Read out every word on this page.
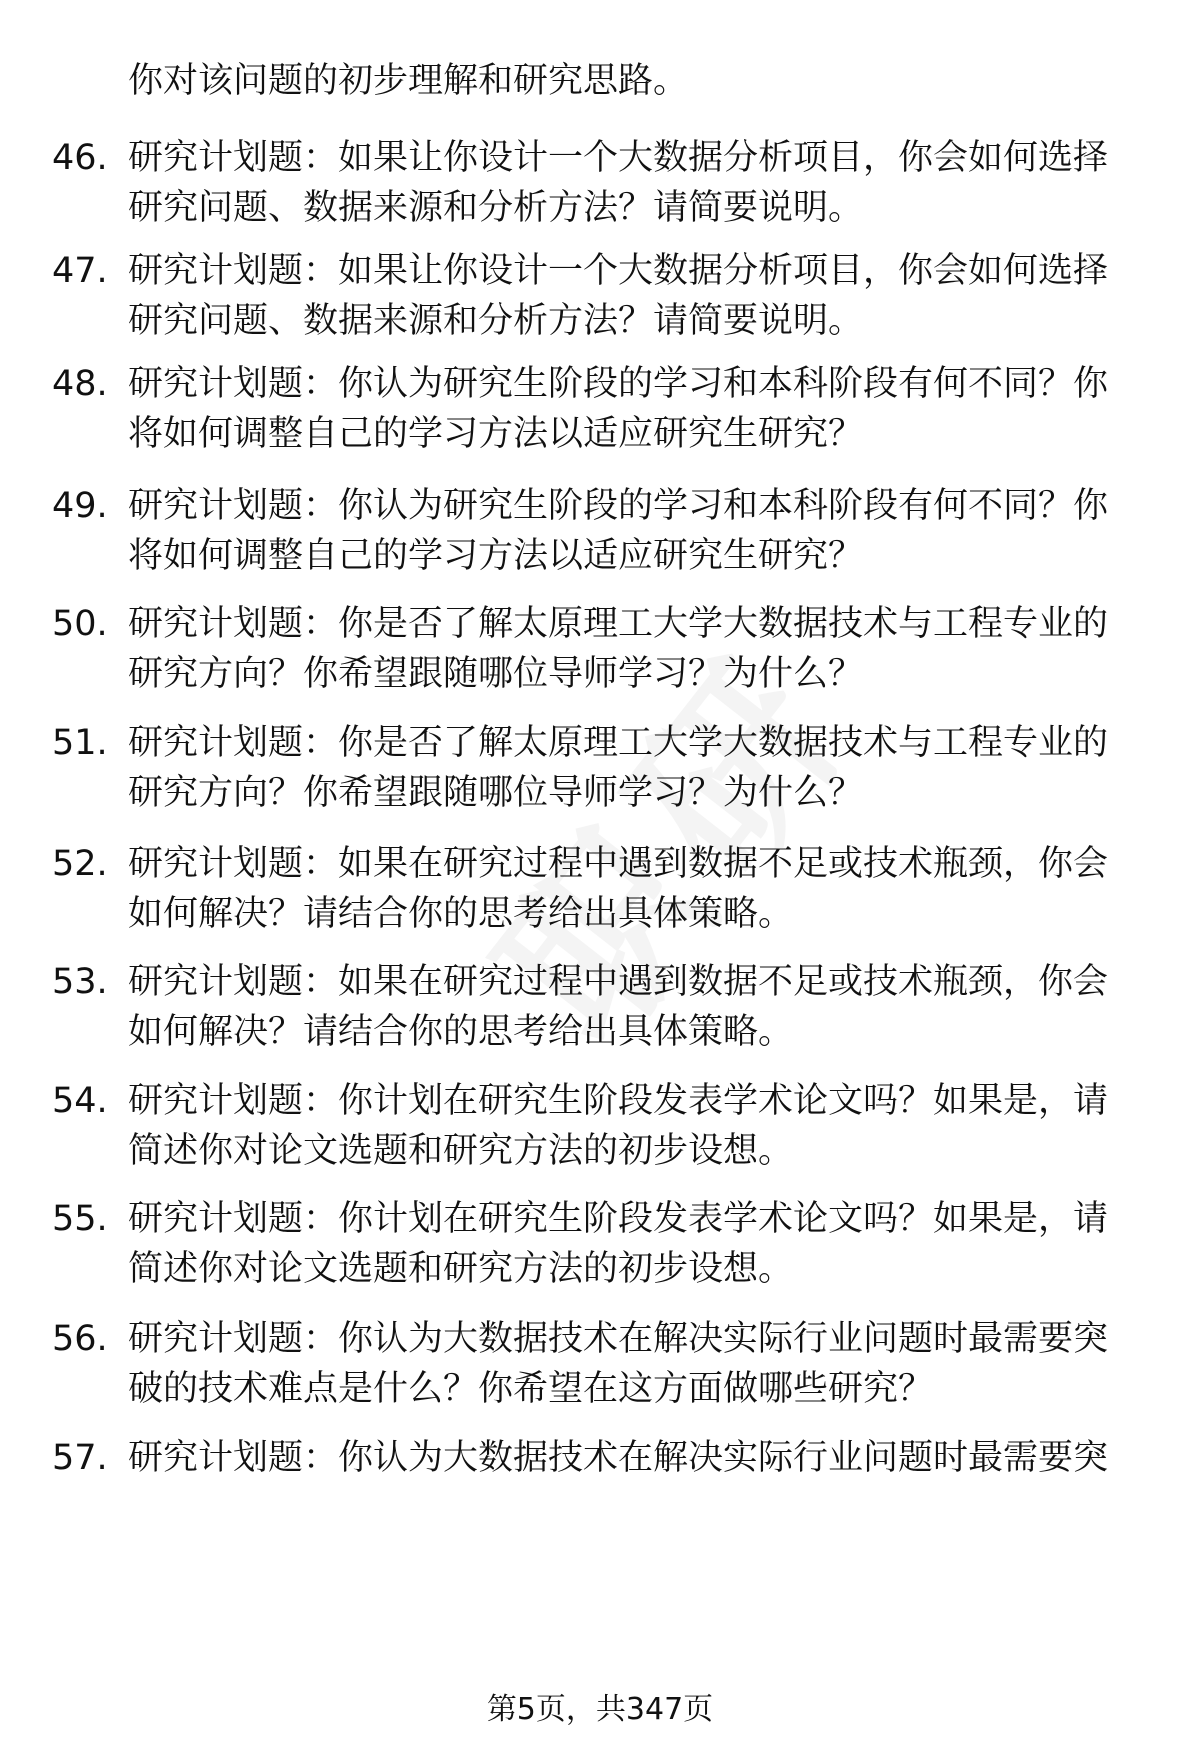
你对该问题的初步理解和研究思路。
46. 研究计划题：如果让你设计一个大数据分析项目，你会如何选择
研究问题、数据来源和分析方法？请简要说明。
47. 研究计划题：如果让你设计一个大数据分析项目，你会如何选择
研究问题、数据来源和分析方法？请简要说明。
48. 研究计划题：你认为研究生阶段的学习和本科阶段有何不同？你
将如何调整自己的学习方法以适应研究生研究？
49. 研究计划题：你认为研究生阶段的学习和本科阶段有何不同？你
将如何调整自己的学习方法以适应研究生研究？
50. 研究计划题：你是否了解太原理工大学大数据技术与工程专业的
研究方向？你希望跟随哪位导师学习？为什么？
51. 研究计划题：你是否了解太原理工大学大数据技术与工程专业的
研究方向？你希望跟随哪位导师学习？为什么？
52. 研究计划题：如果在研究过程中遇到数据不足或技术瓶颈，你会
如何解决？请结合你的思考给出具体策略。
53. 研究计划题：如果在研究过程中遇到数据不足或技术瓶颈，你会
如何解决？请结合你的思考给出具体策略。
54. 研究计划题：你计划在研究生阶段发表学术论文吗？如果是，请
简述你对论文选题和研究方法的初步设想。
55. 研究计划题：你计划在研究生阶段发表学术论文吗？如果是，请
简述你对论文选题和研究方法的初步设想。
56. 研究计划题：你认为大数据技术在解决实际行业问题时最需要突
破的技术难点是什么？你希望在这方面做哪些研究？
57. 研究计划题：你认为大数据技术在解决实际行业问题时最需要突
第5页，共347页
